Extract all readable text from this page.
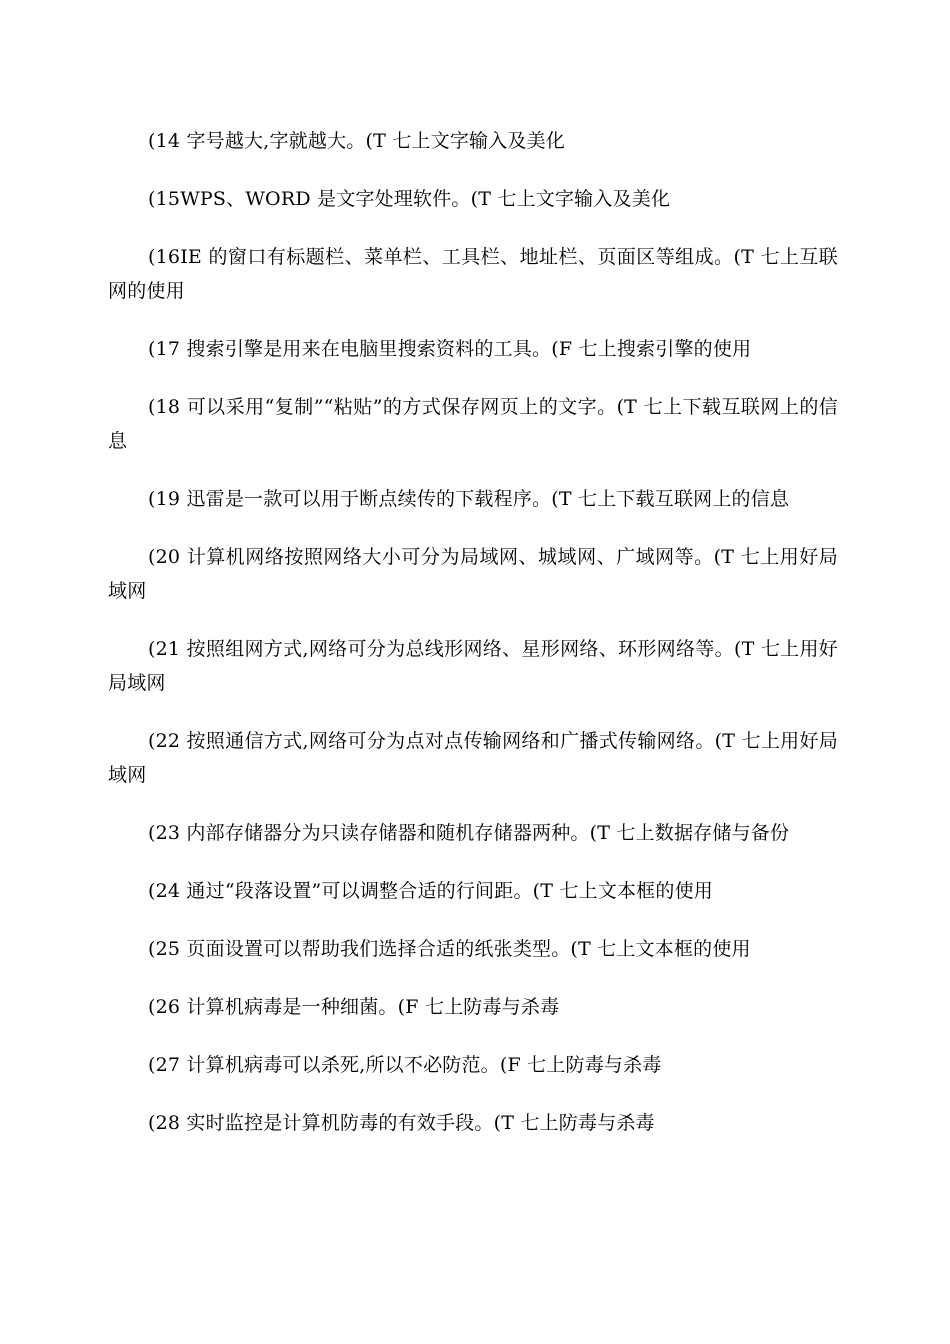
(14 字号越大,字就越大。(T 七上文字输入及美化

(15WPS、WORD 是文字处理软件。(T 七上文字输入及美化

(16IE 的窗口有标题栏、菜单栏、工具栏、地址栏、页面区等组成。(T 七上互联网的使用

(17 搜索引擎是用来在电脑里搜索资料的工具。(F 七上搜索引擎的使用

(18 可以采用“复制”“粘贴”的方式保存网页上的文字。(T 七上下载互联网上的信息

(19 迅雷是一款可以用于断点续传的下载程序。(T 七上下载互联网上的信息

(20 计算机网络按照网络大小可分为局域网、城域网、广域网等。(T 七上用好局域网

(21 按照组网方式,网络可分为总线形网络、星形网络、环形网络等。(T 七上用好局域网

(22 按照通信方式,网络可分为点对点传输网络和广播式传输网络。(T 七上用好局域网

(23 内部存储器分为只读存储器和随机存储器两种。(T 七上数据存储与备份

(24 通过“段落设置”可以调整合适的行间距。(T 七上文本框的使用

(25 页面设置可以帮助我们选择合适的纸张类型。(T 七上文本框的使用

(26 计算机病毒是一种细菌。(F 七上防毒与杀毒

(27 计算机病毒可以杀死,所以不必防范。(F 七上防毒与杀毒

(28 实时监控是计算机防毒的有效手段。(T 七上防毒与杀毒
